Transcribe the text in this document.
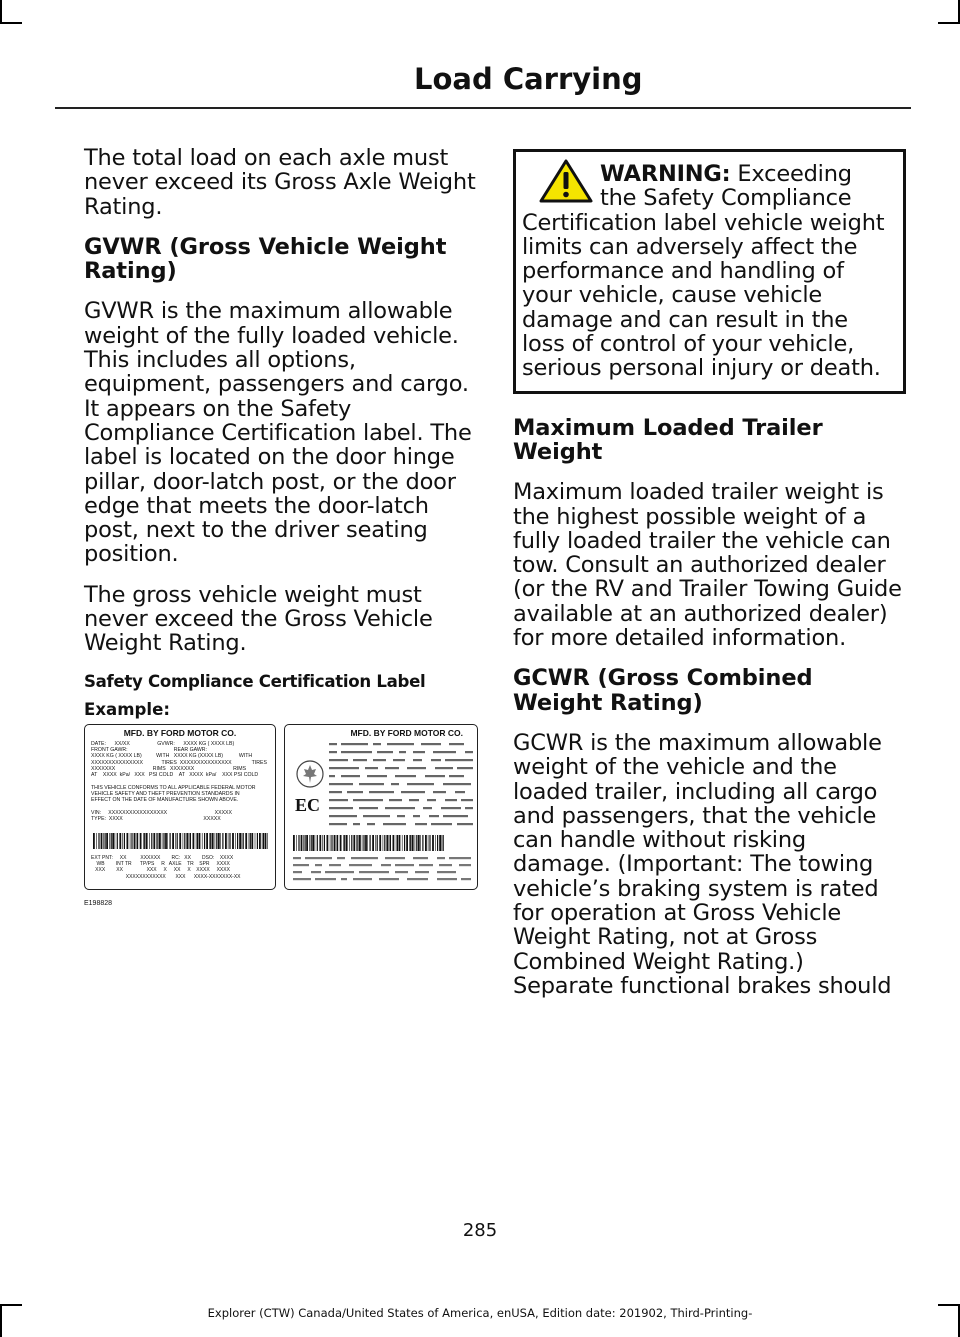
Load Carrying

The total load on each axle must never exceed its Gross Axle Weight Rating.

GVWR (Gross Vehicle Weight Rating)

GVWR is the maximum allowable weight of the fully loaded vehicle. This includes all options, equipment, passengers and cargo. It appears on the Safety Compliance Certification label. The label is located on the door hinge pillar, door-latch post, or the door edge that meets the door-latch post, next to the driver seating position.

The gross vehicle weight must never exceed the Gross Vehicle Weight Rating.

Safety Compliance Certification Label
Example:
MFD. BY FORD MOTOR CO.
DATE:      XX/XX                   GVWR:      XXXX KG ( XXXX LB)
FRONT GAWR:                                REAR GAWR:
XXXX KG ( XXXX LB)          WITH   XXXX KG (XXXX LB)           WITH
XXXXXXXXXXXXXXX             TIRES  XXXXXXXXXXXXXXX              TIRES
XXXXXXX                          RIMS   XXXXXXX                           RIMS
AT    XXXX  kPa/   XXX   PSI COLD    AT   XXXX  kPa/    XXX PSI COLD

THIS VEHICLE CONFORMS TO ALL APPLICABLE FEDERAL MOTOR
VEHICLE SAFETY AND THEFT PREVENTION STANDARDS IN
EFFECT ON THE DATE OF MANUFACTURE SHOWN ABOVE.

VIN:     XXXXXXXXXXXXXXXXX                                 XXXXX
TYPE:  XXXX                                                        XXXXX
EXT PNT:     XX          XXXXXX        RC:   XX        DSO:    XXXX
WB        INT TR      TP/PS     R   AXLE    TR    SPR     XXXX
XXX        XX                 XXX     X     XX     X    XXXX     XXXX
XXXXXXXXXXXX       XXX      XXXX-XXXXXXX-XX
MFD. BY FORD MOTOR CO.
EC
E198828
WARNING: Exceeding the Safety Compliance Certification label vehicle weight limits can adversely affect the performance and handling of your vehicle, cause vehicle damage and can result in the loss of control of your vehicle, serious personal injury or death.
Maximum Loaded Trailer Weight

Maximum loaded trailer weight is the highest possible weight of a fully loaded trailer the vehicle can tow. Consult an authorized dealer (or the RV and Trailer Towing Guide available at an authorized dealer) for more detailed information.

GCWR (Gross Combined Weight Rating)

GCWR is the maximum allowable weight of the vehicle and the loaded trailer, including all cargo and passengers, that the vehicle can handle without risking damage. (Important: The towing vehicle’s braking system is rated for operation at Gross Vehicle Weight Rating, not at Gross Combined Weight Rating.) Separate functional brakes should

285
Explorer (CTW) Canada/United States of America, enUSA, Edition date: 201902, Third-Printing-
